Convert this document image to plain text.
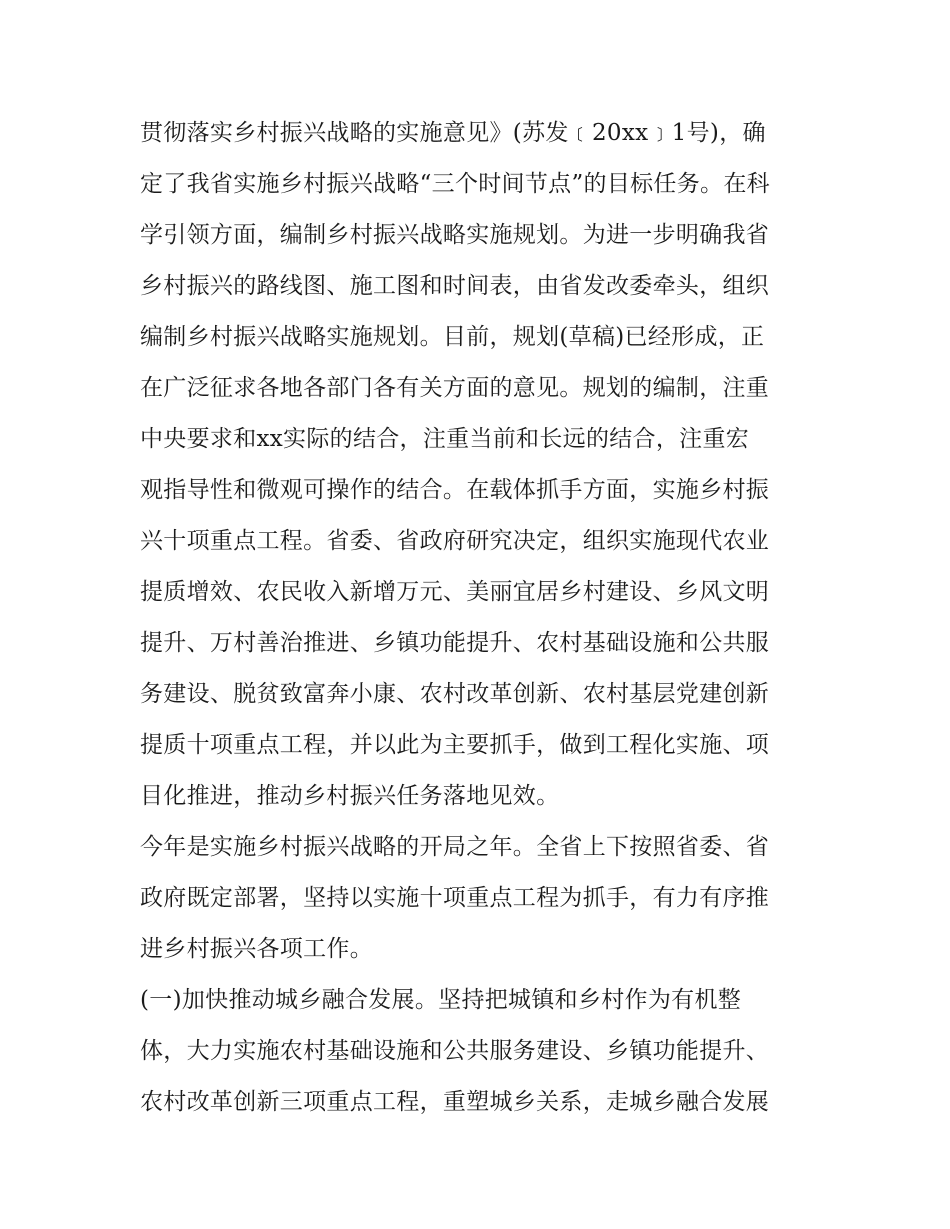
贯彻落实乡村振兴战略的实施意见》(苏发﹝20xx﹞1号)，确
定了我省实施乡村振兴战略“三个时间节点”的目标任务。在科
学引领方面，编制乡村振兴战略实施规划。为进一步明确我省
乡村振兴的路线图、施工图和时间表，由省发改委牵头，组织
编制乡村振兴战略实施规划。目前，规划(草稿)已经形成，正
在广泛征求各地各部门各有关方面的意见。规划的编制，注重
中央要求和xx实际的结合，注重当前和长远的结合，注重宏
观指导性和微观可操作的结合。在载体抓手方面，实施乡村振
兴十项重点工程。省委、省政府研究决定，组织实施现代农业
提质增效、农民收入新增万元、美丽宜居乡村建设、乡风文明
提升、万村善治推进、乡镇功能提升、农村基础设施和公共服
务建设、脱贫致富奔小康、农村改革创新、农村基层党建创新
提质十项重点工程，并以此为主要抓手，做到工程化实施、项
目化推进，推动乡村振兴任务落地见效。
今年是实施乡村振兴战略的开局之年。全省上下按照省委、省
政府既定部署，坚持以实施十项重点工程为抓手，有力有序推
进乡村振兴各项工作。
(一)加快推动城乡融合发展。坚持把城镇和乡村作为有机整
体，大力实施农村基础设施和公共服务建设、乡镇功能提升、
农村改革创新三项重点工程，重塑城乡关系，走城乡融合发展
